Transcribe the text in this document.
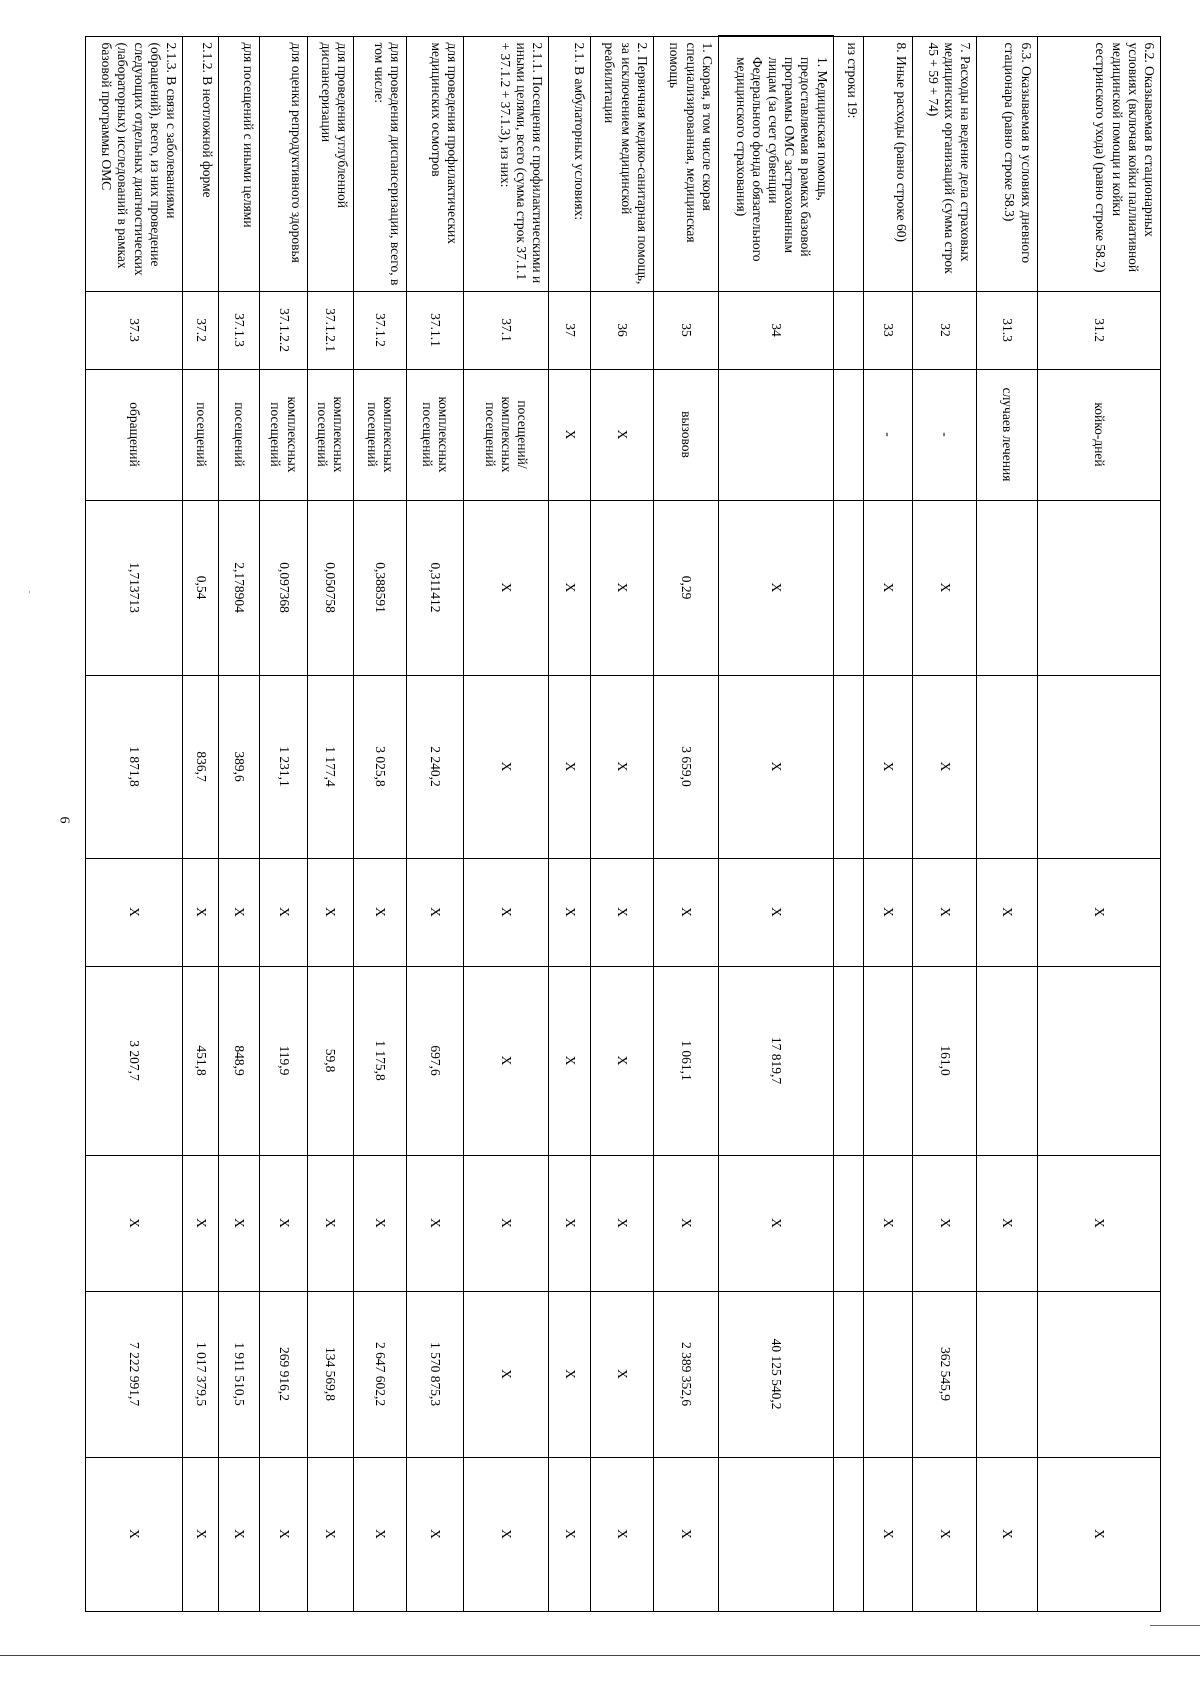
6
·
6.2. Оказываемая в стационарных условиях (включая койки паллиативной медицинской помощи и койки сестринского ухода) (равно строке 58.2)	31.2	койко-дней			Х		Х		Х
6.3. Оказываемая в условиях дневного стационара (равно строке 58.3)	31.3	случаев лечения			Х		Х		Х
7. Расходы на ведение дела страховых медицинских организаций (сумма строк 45 + 59 + 74)	32	-	Х	Х	Х	161,0	Х	362 545,9	Х
8. Иные расходы (равно строке 60)	33	-	Х	Х	Х		Х		Х
из строки 19:									
1. Медицинская помощь, предоставляемая в рамках базовой программы ОМС застрахованным лицам (за счет субвенции Федерального фонда обязательного медицинского страхования)	34		Х	Х	Х	17 819,7	Х	40 125 540,2	
1. Скорая, в том числе скорая специализированная, медицинская помощь	35	вызовов	0,29	3 659,0	Х	1 061,1	Х	2 389 352,6	Х
2. Первичная медико-санитарная помощь, за исключением медицинской реабилитации	36	Х	Х	Х	Х	Х	Х	Х	Х
2.1. В амбулаторных условиях:	37	Х	Х	Х	Х	Х	Х	Х	Х
2.1.1. Посещения с профилактическими и иными целями, всего (сумма строк 37.1.1 + 37.1.2 + 37.1.3), из них:	37.1	посещений/комплексных посещений	Х	Х	Х	Х	Х	Х	Х
для проведения профилактических медицинских осмотров	37.1.1	комплексных посещений	0,311412	2 240,2	Х	697,6	Х	1 570 875,3	Х
для проведения диспансеризации, всего, в том числе:	37.1.2	комплексных посещений	0,388591	3 025,8	Х	1 175,8	Х	2 647 602,2	Х
для проведения углубленной диспансеризации	37.1.2.1	комплексных посещений	0,050758	1 177,4	Х	59,8	Х	134 569,8	Х
для оценки репродуктивного здоровья	37.1.2.2	комплексных посещений	0,097368	1 231,1	Х	119,9	Х	269 916,2	Х
для посещений с иными целями	37.1.3	посещений	2,178904	389,6	Х	848,9	Х	1 911 510,5	Х
2.1.2. В неотложной форме	37.2	посещений	0,54	836,7	Х	451,8	Х	1 017 379,5	Х
2.1.3. В связи с заболеваниями (обращений), всего, из них проведение следующих отдельных диагностических (лабораторных) исследований в рамках базовой программы ОМС	37.3	обращений	1,713713	1 871,8	Х	3 207,7	Х	7 222 991,7	Х
